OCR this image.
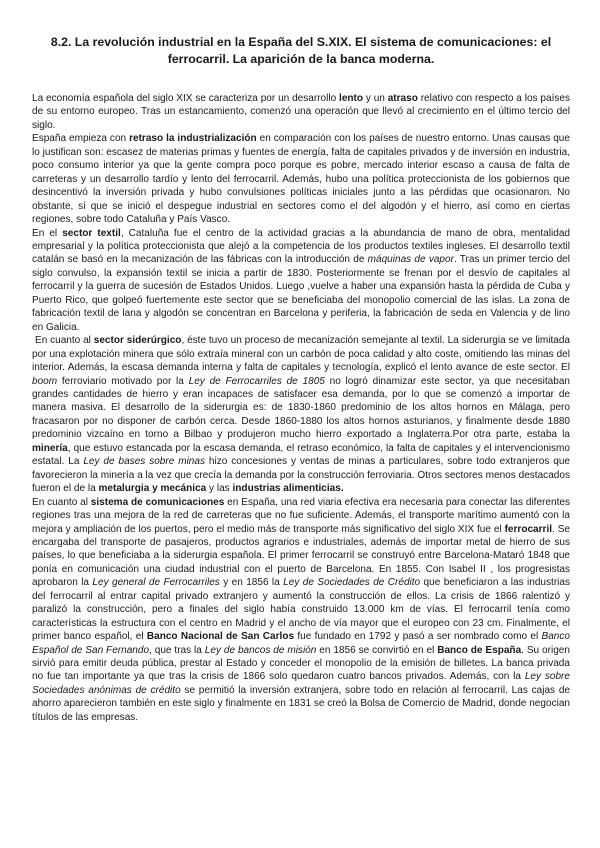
8.2. La revolución industrial en la España del S.XIX. El sistema de comunicaciones: el ferrocarril. La aparición de la banca moderna.

La economía española del siglo XIX se caracteriza por un desarrollo lento y un atraso relativo con respecto a los países de su entorno europeo. Tras un estancamiento, comenzó una operación que llevó al crecimiento en el último tercio del siglo.

España empieza con retraso la industrialización en comparación con los países de nuestro entorno. Unas causas que lo justifican son: escasez de materias primas y fuentes de energía, falta de capitales privados y de inversión en industria, poco consumo interior ya que la gente compra poco porque es pobre, mercado interior escaso a causa de falta de carreteras y un desarrollo tardío y lento del ferrocarril. Además, hubo una política proteccionista de los gobiernos que desincentivó la inversión privada y hubo convulsiones políticas iniciales junto a las pérdidas que ocasionaron. No obstante, sí que se inició el despegue industrial en sectores como el del algodón y el hierro, así como en ciertas regiones, sobre todo Cataluña y País Vasco.

En el sector textil, Cataluña fue el centro de la actividad gracias a la abundancia de mano de obra, mentalidad empresarial y la política proteccionista que alejó a la competencia de los productos textiles ingleses. El desarrollo textil catalán se basó en la mecanización de las fábricas con la introducción de máquinas de vapor. Tras un primer tercio del siglo convulso, la expansión textil se inicia a partir de 1830. Posteriormente se frenan por el desvío de capitales al ferrocarril y la guerra de sucesión de Estados Unidos. Luego ,vuelve a haber una expansión hasta la pérdida de Cuba y Puerto Rico, que golpeó fuertemente este sector que se beneficiaba del monopolio comercial de las islas. La zona de fabricación textil de lana y algodón se concentran en Barcelona y periferia, la fabricación de seda en Valencia y de lino en Galicia.

En cuanto al sector siderúrgico, éste tuvo un proceso de mecanización semejante al textil. La siderurgia se ve limitada por una explotación minera que sólo extraía mineral con un carbón de poca calidad y alto coste, omitiendo las minas del interior. Además, la escasa demanda interna y falta de capitales y tecnología, explicó el lento avance de este sector. El boom ferroviario motivado por la Ley de Ferrocarriles de 1805 no logró dinamizar este sector, ya que necesitaban grandes cantidades de hierro y eran incapaces de satisfacer esa demanda, por lo que se comenzó a importar de manera masiva. El desarrollo de la siderurgia es: de 1830-1860 predominio de los altos hornos en Málaga, pero fracasaron por no disponer de carbón cerca. Desde 1860-1880 los altos hornos asturianos, y finalmente desde 1880 predominio vizcaíno en torno a Bilbao y produjeron mucho hierro exportado a Inglaterra.Por otra parte, estaba la minería, que estuvo estancada por la escasa demanda, el retraso económico, la falta de capitales y el intervencionismo estatal. La Ley de bases sobre minas hizo concesiones y ventas de minas a particulares, sobre todo extranjeros que favorecieron la minería a la vez que crecía la demanda por la construcción ferroviaria. Otros sectores menos destacados fueron el de la metalurgia y mecánica y las industrias alimenticias.

En cuanto al sistema de comunicaciones en España, una red viaria efectiva era necesaria para conectar las diferentes regiones tras una mejora de la red de carreteras que no fue suficiente. Además, el transporte marítimo aumentó con la mejora y ampliación de los puertos, pero el medio más de transporte más significativo del siglo XIX fue el ferrocarril. Se encargaba del transporte de pasajeros, productos agrarios e industriales, además de importar metal de hierro de sus países, lo que beneficiaba a la siderurgia española. El primer ferrocarril se construyó entre Barcelona-Mataró 1848 que ponía en comunicación una ciudad industrial con el puerto de Barcelona. En 1855. Con Isabel II , los progresistas aprobaron la Ley general de Ferrocarriles y en 1856 la Ley de Sociedades de Crédito que beneficiaron a las industrias del ferrocarril al entrar capital privado extranjero y aumentó la construcción de ellos. La crisis de 1866 ralentizó y paralizó la construcción, pero a finales del siglo había construido 13.000 km de vías. El ferrocarril tenía como características la estructura con el centro en Madrid y el ancho de vía mayor que el europeo con 23 cm. Finalmente, el primer banco español, el Banco Nacional de San Carlos fue fundado en 1792 y pasó a ser nombrado como el Banco Español de San Fernando, que tras la Ley de bancos de misión en 1856 se convirtió en el Banco de España. Su origen sirvió para emitir deuda pública, prestar al Estado y conceder el monopolio de la emisión de billetes. La banca privada no fue tan importante ya que tras la crisis de 1866 solo quedaron cuatro bancos privados. Además, con la Ley sobre Sociedades anónimas de crédito se permitió la inversión extranjera, sobre todo en relación al ferrocarril. Las cajas de ahorro aparecieron también en este siglo y finalmente en 1831 se creó la Bolsa de Comercio de Madrid, donde negocian títulos de las empresas.
